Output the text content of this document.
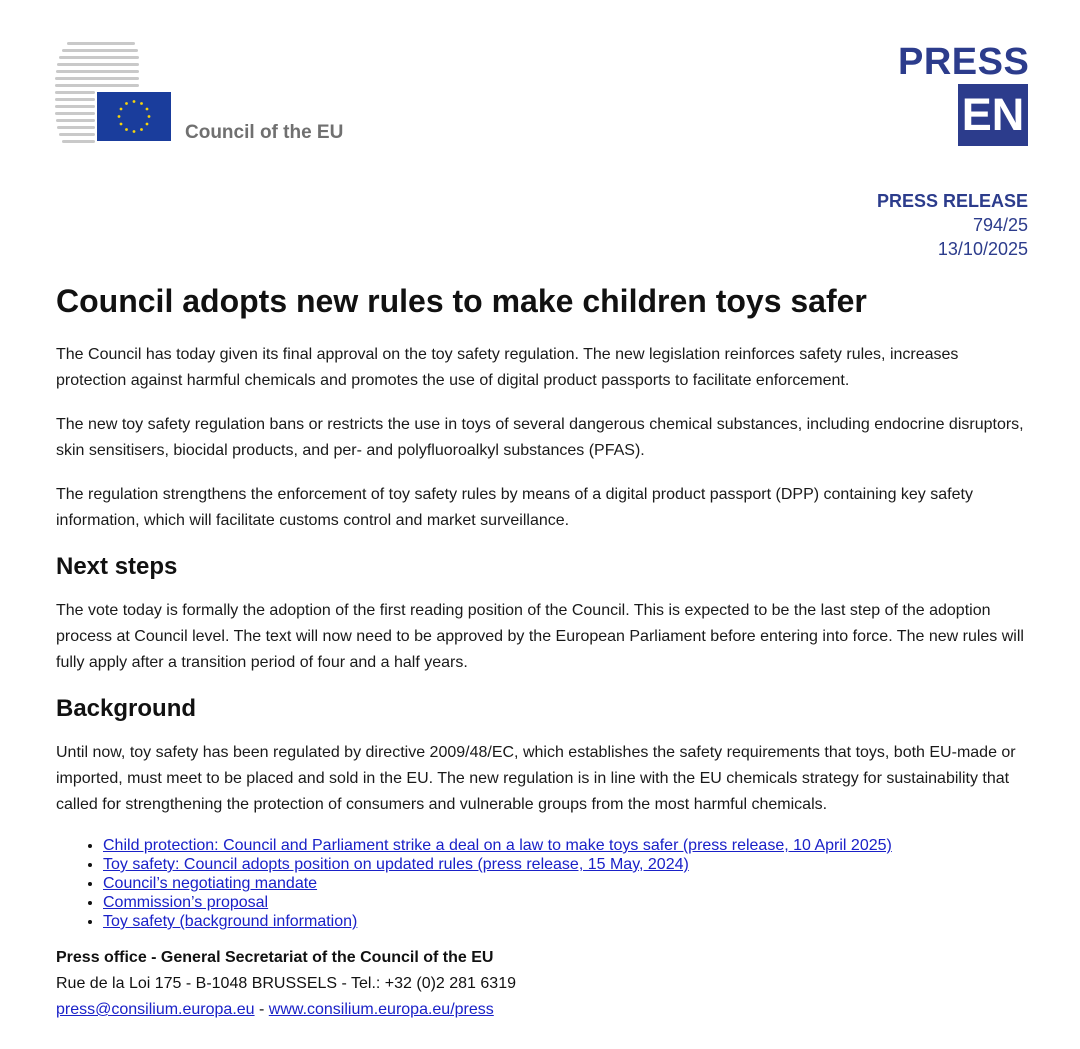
Council of the EU
PRESS
EN
PRESS RELEASE
794/25
13/10/2025
Council adopts new rules to make children toys safer

The Council has today given its final approval on the toy safety regulation. The new legislation reinforces safety rules, increases protection against harmful chemicals and promotes the use of digital product passports to facilitate enforcement.

The new toy safety regulation bans or restricts the use in toys of several dangerous chemical substances, including endocrine disruptors, skin sensitisers, biocidal products, and per- and polyfluoroalkyl substances (PFAS).

The regulation strengthens the enforcement of toy safety rules by means of a digital product passport (DPP) containing key safety information, which will facilitate customs control and market surveillance.

Next steps

The vote today is formally the adoption of the first reading position of the Council. This is expected to be the last step of the adoption process at Council level. The text will now need to be approved by the European Parliament before entering into force. The new rules will fully apply after a transition period of four and a half years.

Background

Until now, toy safety has been regulated by directive 2009/48/EC, which establishes the safety requirements that toys, both EU-made or imported, must meet to be placed and sold in the EU. The new regulation is in line with the EU chemicals strategy for sustainability that called for strengthening the protection of consumers and vulnerable groups from the most harmful chemicals.

• Child protection: Council and Parliament strike a deal on a law to make toys safer (press release, 10 April 2025)
• Toy safety: Council adopts position on updated rules (press release, 15 May, 2024)
• Council’s negotiating mandate
• Commission’s proposal
• Toy safety (background information)
Press office - General Secretariat of the Council of the EU
Rue de la Loi 175 - B-1048 BRUSSELS - Tel.: +32 (0)2 281 6319
press@consilium.europa.eu - www.consilium.europa.eu/press
